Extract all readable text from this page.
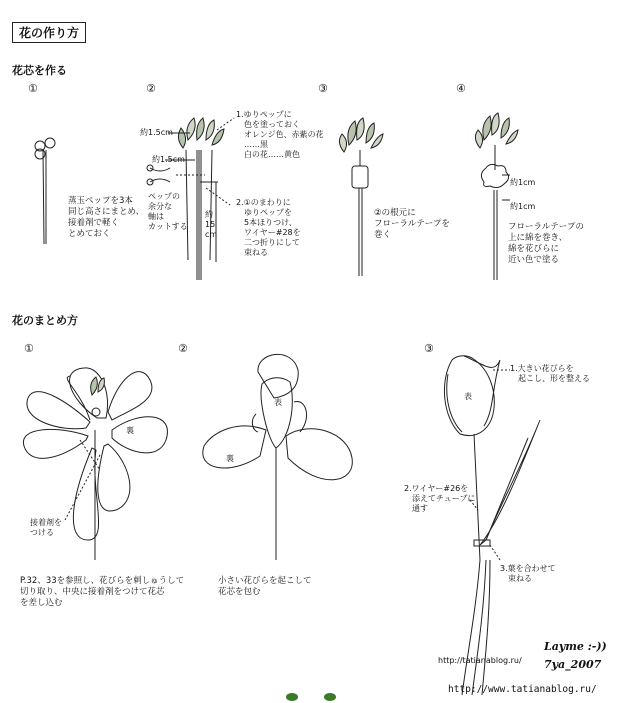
花の作り方
花芯を作る
①	②	③	④
蒸玉ペップを3本
同じ高さにまとめ、
接着剤で軽く
とめておく
約1.5cm
約1.5cm
約
15
cm
ペップの
余分な
軸は
カットする
1.ゆりペップに
　色を塗っておく
　オレンジ色、赤紫の花
　……黒
　白の花……黄色
2.①のまわりに
　ゆりペップを
　5本ほりつけ、
　ワイヤー#28を
　二つ折りにして
　束ねる
②の根元に
フローラルテープを
巻く
約1cm
約1cm
フローラルテープの
上に綿を巻き、
綿を花びらに
近い色で塗る
花のまとめ方
①	②	③
裏
接着剤を
つける
P.32、33を参照し、花びらを刺しゅうして
切り取り、中央に接着剤をつけて花芯
を差し込む
表
裏
小さい花びらを起こして
花芯を包む
表
1.大きい花びらを
　起こし、形を整える
2.ワイヤー#26を
　添えてチューブに
　通す
3.葉を合わせて
　束ねる
Layme :-))
7ya_2007
http://tatianablog.ru/
http://www.tatianablog.ru/
